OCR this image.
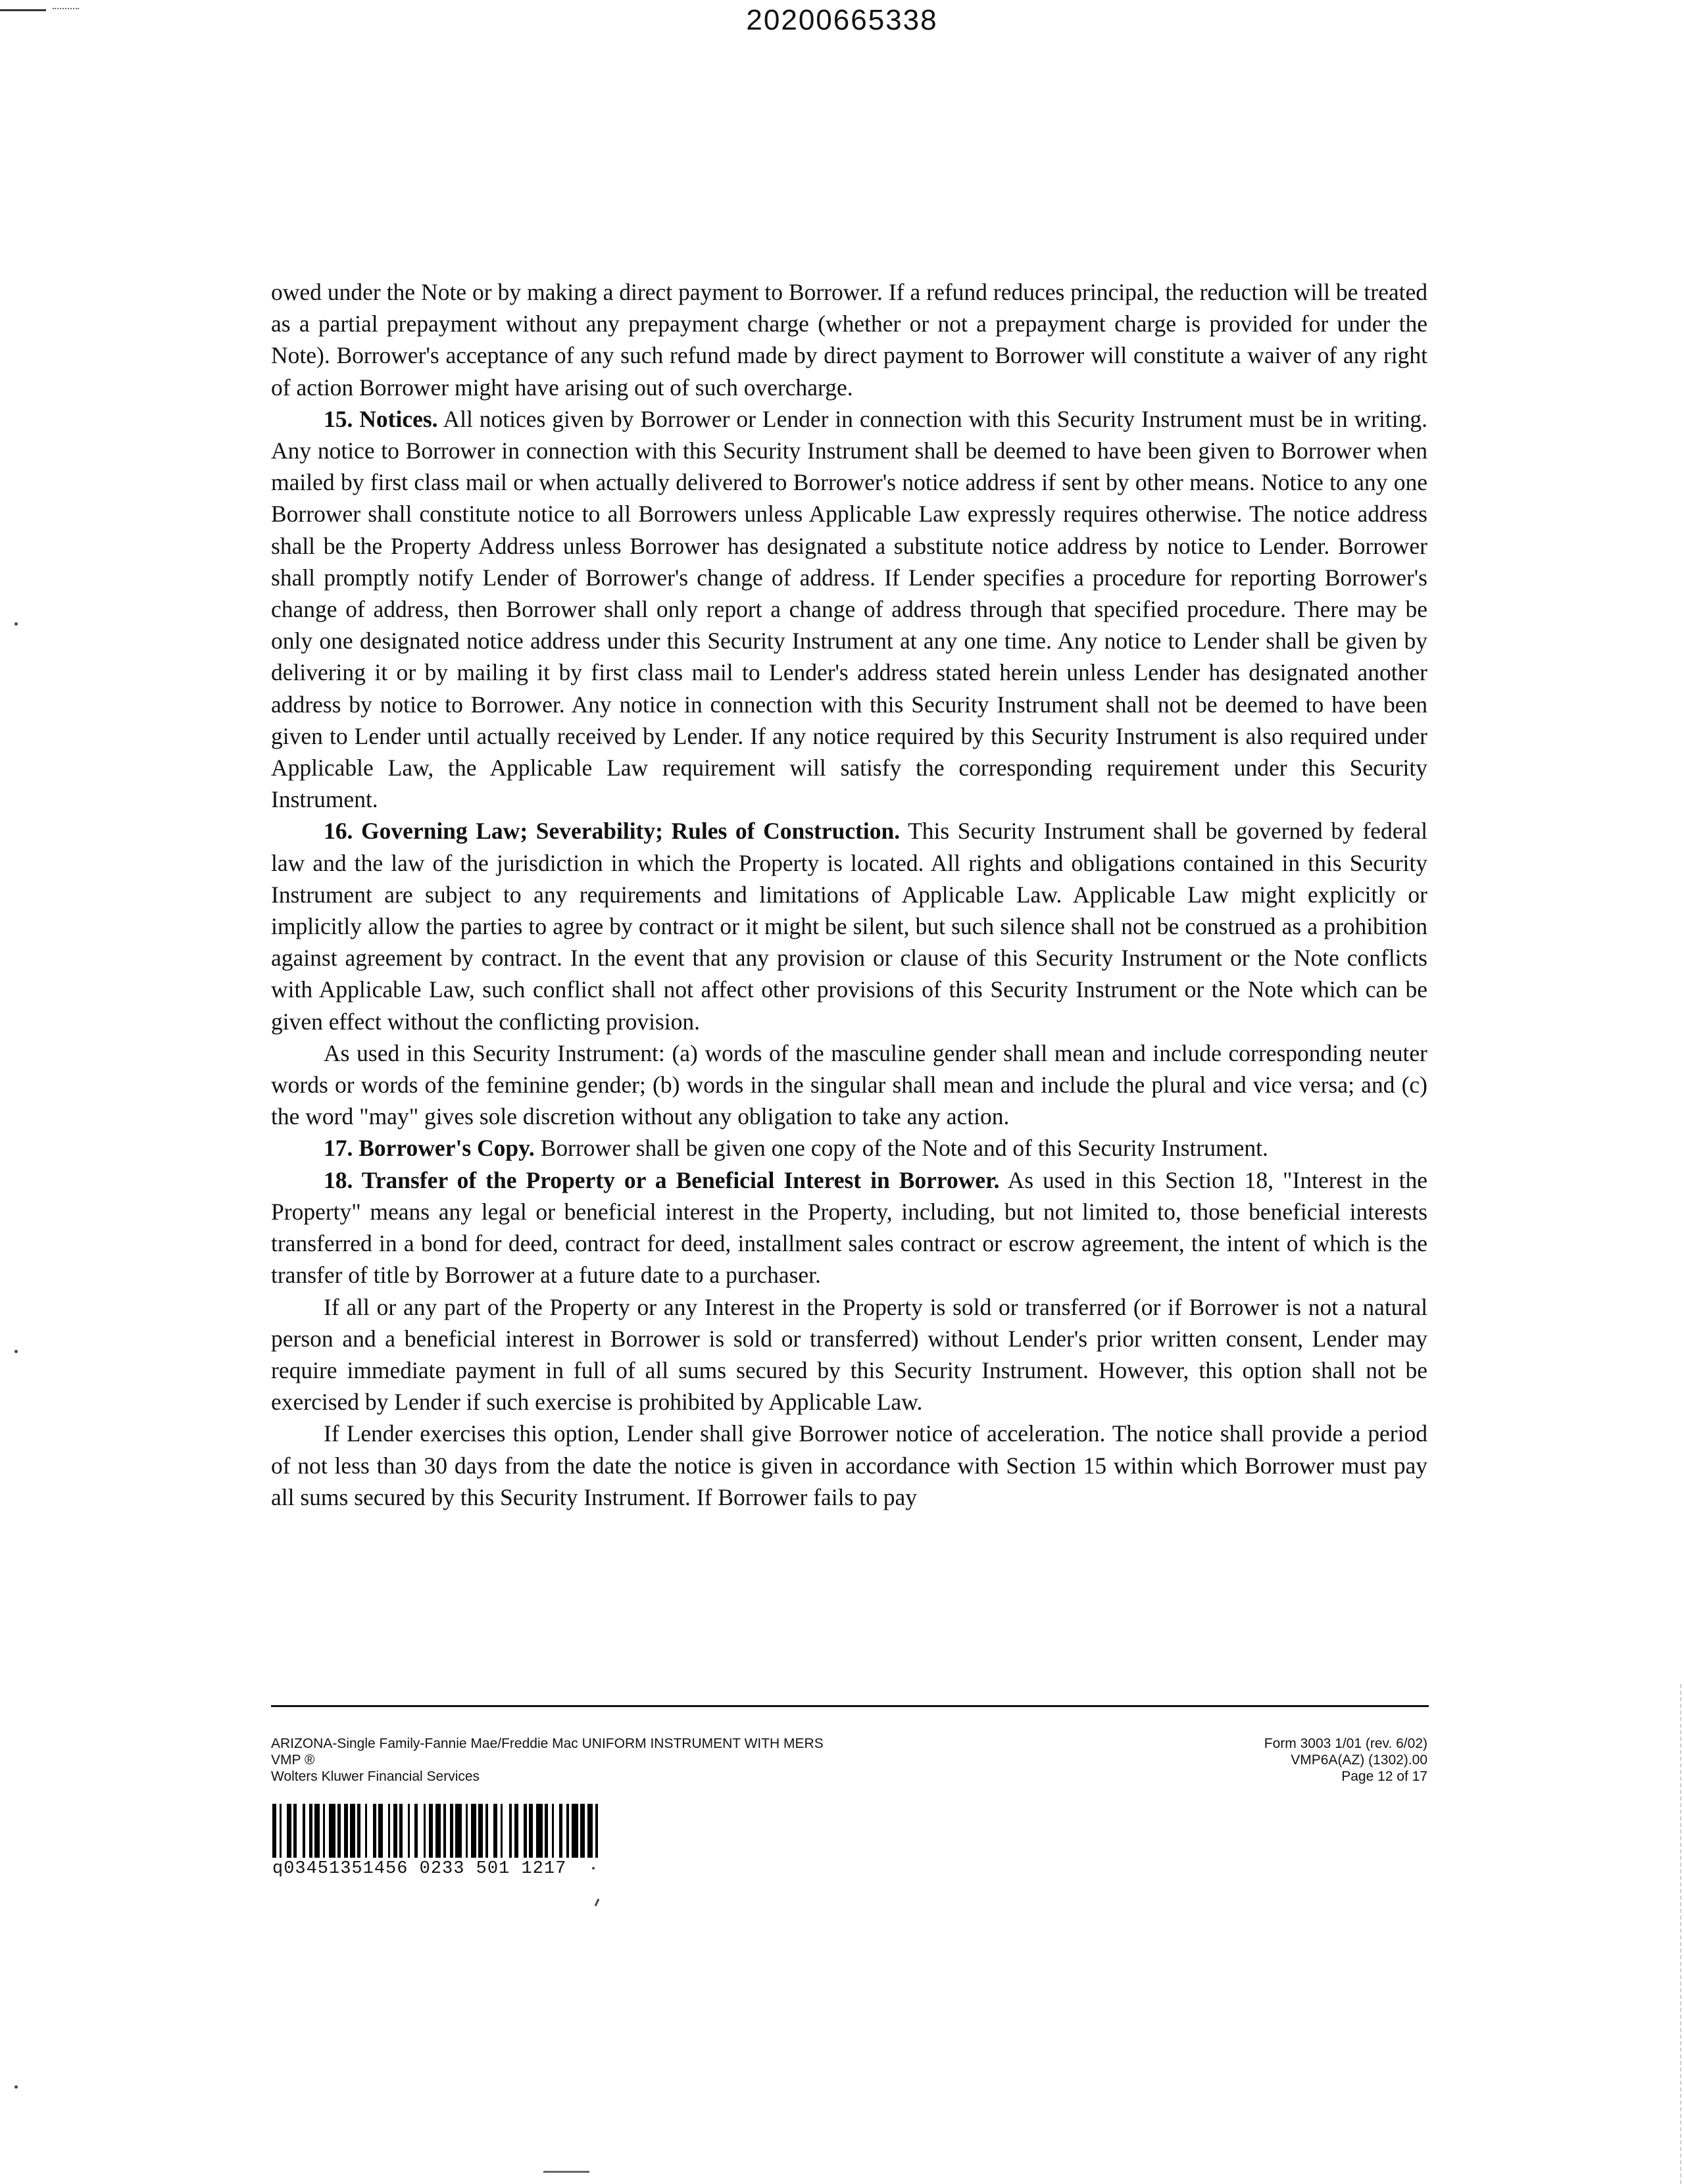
20200665338

owed under the Note or by making a direct payment to Borrower. If a refund reduces principal, the reduction will be treated as a partial prepayment without any prepayment charge (whether or not a prepayment charge is provided for under the Note). Borrower's acceptance of any such refund made by direct payment to Borrower will constitute a waiver of any right of action Borrower might have arising out of such overcharge.

15. Notices. All notices given by Borrower or Lender in connection with this Security Instrument must be in writing. Any notice to Borrower in connection with this Security Instrument shall be deemed to have been given to Borrower when mailed by first class mail or when actually delivered to Borrower's notice address if sent by other means. Notice to any one Borrower shall constitute notice to all Borrowers unless Applicable Law expressly requires otherwise. The notice address shall be the Property Address unless Borrower has designated a substitute notice address by notice to Lender. Borrower shall promptly notify Lender of Borrower's change of address. If Lender specifies a procedure for reporting Borrower's change of address, then Borrower shall only report a change of address through that specified procedure. There may be only one designated notice address under this Security Instrument at any one time. Any notice to Lender shall be given by delivering it or by mailing it by first class mail to Lender's address stated herein unless Lender has designated another address by notice to Borrower. Any notice in connection with this Security Instrument shall not be deemed to have been given to Lender until actually received by Lender. If any notice required by this Security Instrument is also required under Applicable Law, the Applicable Law requirement will satisfy the corresponding requirement under this Security Instrument.

16. Governing Law; Severability; Rules of Construction. This Security Instrument shall be governed by federal law and the law of the jurisdiction in which the Property is located. All rights and obligations contained in this Security Instrument are subject to any requirements and limitations of Applicable Law. Applicable Law might explicitly or implicitly allow the parties to agree by contract or it might be silent, but such silence shall not be construed as a prohibition against agreement by contract. In the event that any provision or clause of this Security Instrument or the Note conflicts with Applicable Law, such conflict shall not affect other provisions of this Security Instrument or the Note which can be given effect without the conflicting provision.

As used in this Security Instrument: (a) words of the masculine gender shall mean and include corresponding neuter words or words of the feminine gender; (b) words in the singular shall mean and include the plural and vice versa; and (c) the word "may" gives sole discretion without any obligation to take any action.

17. Borrower's Copy. Borrower shall be given one copy of the Note and of this Security Instrument.

18. Transfer of the Property or a Beneficial Interest in Borrower. As used in this Section 18, "Interest in the Property" means any legal or beneficial interest in the Property, including, but not limited to, those beneficial interests transferred in a bond for deed, contract for deed, installment sales contract or escrow agreement, the intent of which is the transfer of title by Borrower at a future date to a purchaser.

If all or any part of the Property or any Interest in the Property is sold or transferred (or if Borrower is not a natural person and a beneficial interest in Borrower is sold or transferred) without Lender's prior written consent, Lender may require immediate payment in full of all sums secured by this Security Instrument. However, this option shall not be exercised by Lender if such exercise is prohibited by Applicable Law.

If Lender exercises this option, Lender shall give Borrower notice of acceleration. The notice shall provide a period of not less than 30 days from the date the notice is given in accordance with Section 15 within which Borrower must pay all sums secured by this Security Instrument. If Borrower fails to pay

ARIZONA-Single Family-Fannie Mae/Freddie Mac UNIFORM INSTRUMENT WITH MERS
VMP ®
Wolters Kluwer Financial Services
Form 3003 1/01 (rev. 6/02)
VMP6A(AZ) (1302).00
Page 12 of 17
q03451351456 0233 501 1217
